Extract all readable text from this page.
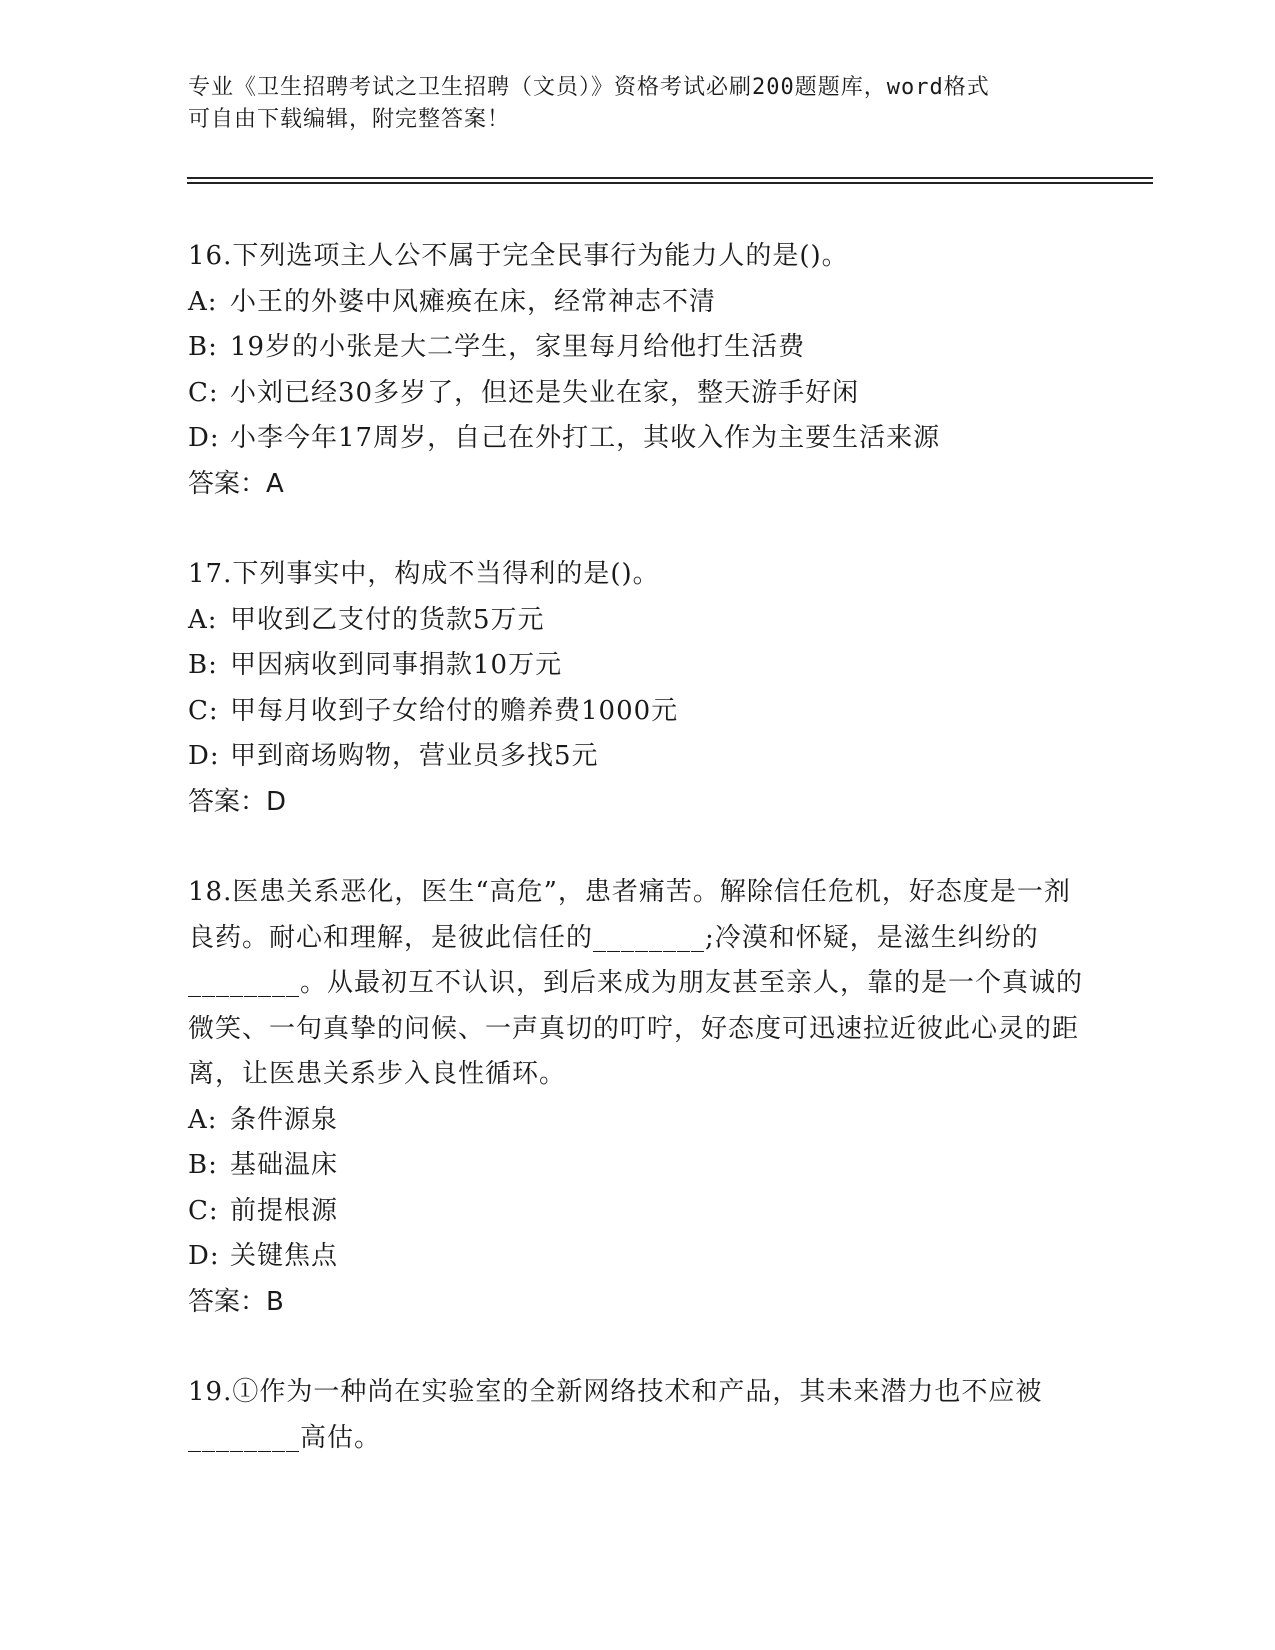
专业《卫生招聘考试之卫生招聘（文员）》资格考试必刷200题题库，word格式

可自由下载编辑，附完整答案！

16.下列选项主人公不属于完全民事行为能力人的是()。

A: 小王的外婆中风瘫痪在床，经常神志不清

B: 19岁的小张是大二学生，家里每月给他打生活费

C: 小刘已经30多岁了，但还是失业在家，整天游手好闲

D: 小李今年17周岁，自己在外打工，其收入作为主要生活来源

答案：A

17.下列事实中，构成不当得利的是()。

A: 甲收到乙支付的货款5万元

B: 甲因病收到同事捐款10万元

C: 甲每月收到子女给付的赡养费1000元

D: 甲到商场购物，营业员多找5元

答案：D

18.医患关系恶化，医生“高危”，患者痛苦。解除信任危机，好态度是一剂良药。耐心和理解，是彼此信任的________;冷漠和怀疑，是滋生纠纷的________。从最初互不认识，到后来成为朋友甚至亲人，靠的是一个真诚的微笑、一句真挚的问候、一声真切的叮咛，好态度可迅速拉近彼此心灵的距离，让医患关系步入良性循环。

A: 条件源泉

B: 基础温床

C: 前提根源

D: 关键焦点

答案：B

19.①作为一种尚在实验室的全新网络技术和产品，其未来潜力也不应被________高估。
